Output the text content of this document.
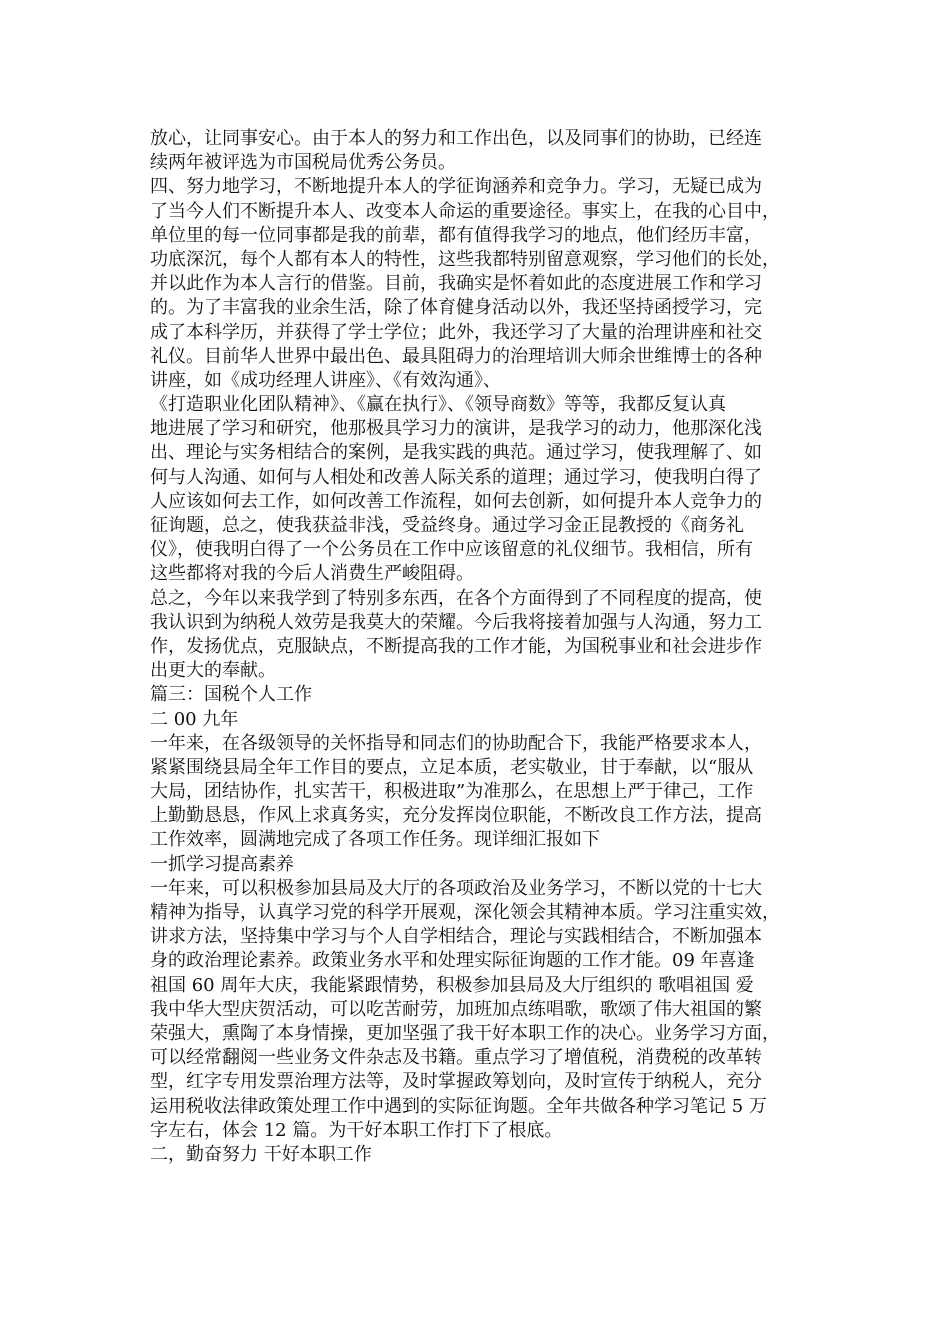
放心，让同事安心。由于本人的努力和工作出色，以及同事们的协助，已经连
续两年被评选为市国税局优秀公务员。
四、努力地学习，不断地提升本人的学征询涵养和竞争力。学习，无疑已成为
了当今人们不断提升本人、改变本人命运的重要途径。事实上，在我的心目中，
单位里的每一位同事都是我的前辈，都有值得我学习的地点，他们经历丰富，
功底深沉，每个人都有本人的特性，这些我都特别留意观察，学习他们的长处，
并以此作为本人言行的借鉴。目前，我确实是怀着如此的态度进展工作和学习
的。为了丰富我的业余生活，除了体育健身活动以外，我还坚持函授学习，完
成了本科学历，并获得了学士学位；此外，我还学习了大量的治理讲座和社交
礼仪。目前华人世界中最出色、最具阻碍力的治理培训大师余世维博士的各种
讲座，如《成功经理人讲座》、《有效沟通》、
《打造职业化团队精神》、《赢在执行》、《领导商数》等等，我都反复认真
地进展了学习和研究，他那极具学习力的演讲，是我学习的动力，他那深化浅
出、理论与实务相结合的案例，是我实践的典范。通过学习，使我理解了、如
何与人沟通、如何与人相处和改善人际关系的道理；通过学习，使我明白得了
人应该如何去工作，如何改善工作流程，如何去创新，如何提升本人竞争力的
征询题，总之，使我获益非浅，受益终身。通过学习金正昆教授的《商务礼
仪》，使我明白得了一个公务员在工作中应该留意的礼仪细节。我相信，所有
这些都将对我的今后人消费生严峻阻碍。
总之，今年以来我学到了特别多东西，在各个方面得到了不同程度的提高，使
我认识到为纳税人效劳是我莫大的荣耀。今后我将接着加强与人沟通，努力工
作，发扬优点，克服缺点，不断提高我的工作才能，为国税事业和社会进步作
出更大的奉献。
篇三：国税个人工作
二 00 九年
一年来，在各级领导的关怀指导和同志们的协助配合下，我能严格要求本人，
紧紧围绕县局全年工作目的要点，立足本质，老实敬业，甘于奉献，以“服从
大局，团结协作，扎实苦干，积极进取”为准那么，在思想上严于律己，工作
上勤勤恳恳，作风上求真务实，充分发挥岗位职能，不断改良工作方法，提高
工作效率，圆满地完成了各项工作任务。现详细汇报如下
一抓学习提高素养
一年来，可以积极参加县局及大厅的各项政治及业务学习，不断以党的十七大
精神为指导，认真学习党的科学开展观，深化领会其精神本质。学习注重实效，
讲求方法，坚持集中学习与个人自学相结合，理论与实践相结合，不断加强本
身的政治理论素养。政策业务水平和处理实际征询题的工作才能。09 年喜逢
祖国 60 周年大庆，我能紧跟情势，积极参加县局及大厅组织的 歌唱祖国 爱
我中华大型庆贺活动，可以吃苦耐劳，加班加点练唱歌，歌颂了伟大祖国的繁
荣强大，熏陶了本身情操，更加坚强了我干好本职工作的决心。业务学习方面，
可以经常翻阅一些业务文件杂志及书籍。重点学习了增值税，消费税的改革转
型，红字专用发票治理方法等，及时掌握政筹划向，及时宣传于纳税人，充分
运用税收法律政策处理工作中遇到的实际征询题。全年共做各种学习笔记 5 万
字左右，体会 12 篇。为干好本职工作打下了根底。
二，勤奋努力 干好本职工作
